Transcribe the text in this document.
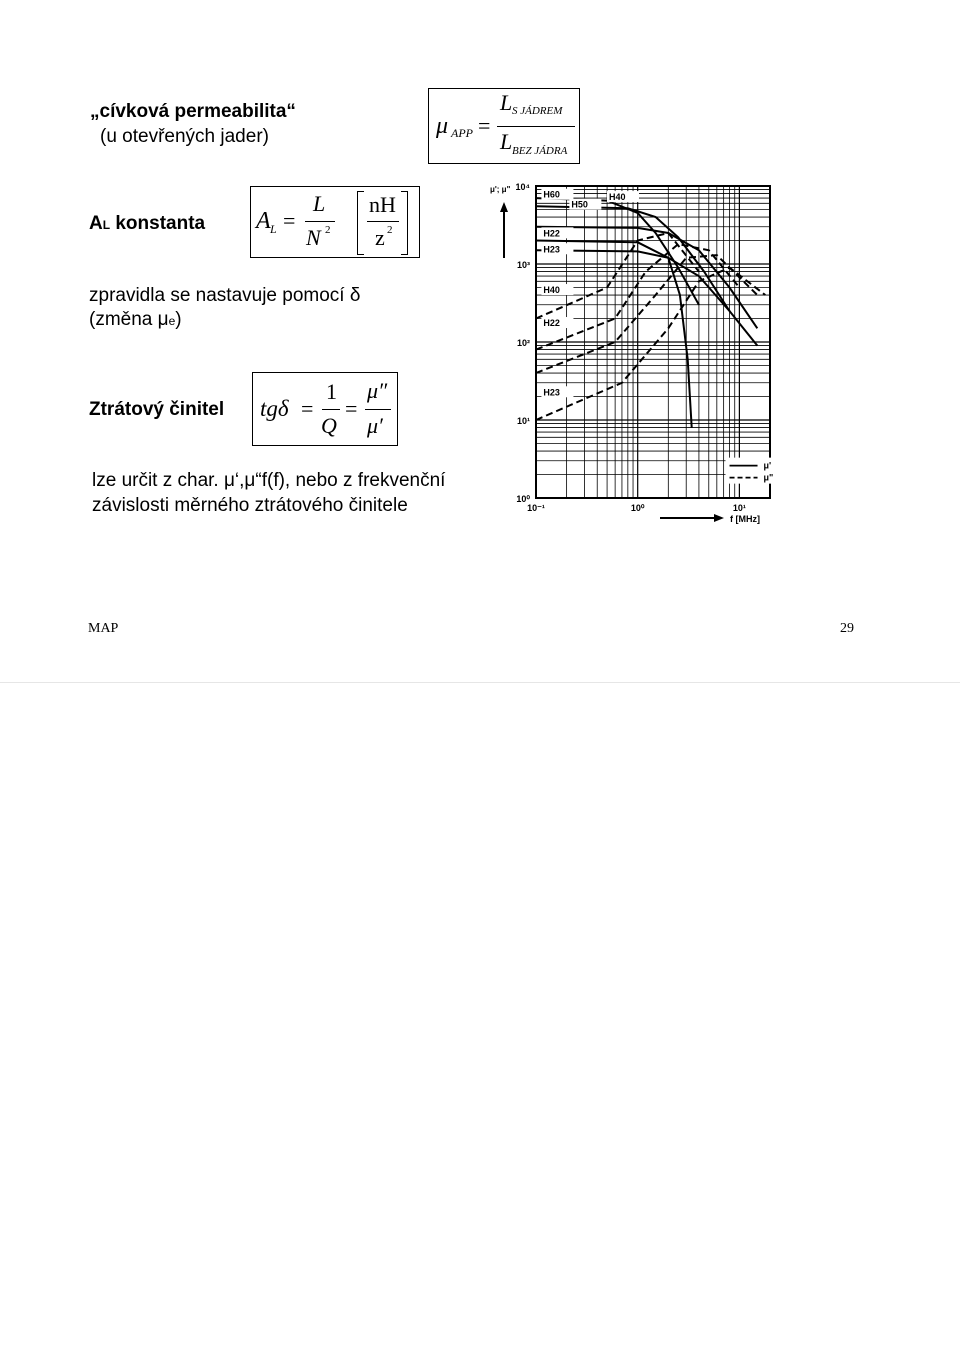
„cívková permeabilita“
(u otevřených jader)	μ APP =
L S JÁDREM
L BEZ JÁDRA
AL konstanta A L =
L
N 2
nH
z 2
zpravidla se nastavuje pomocí δ
(změna μe)
Ztrátový činitel tgδ =
1
Q
=
μ″
μ′
lze určit z char. μ‘,μ“f(f), nebo z frekvenční
závislosti měrného ztrátového činitele	10⁰
10¹
10²
10³
10⁴
10⁻¹	10⁰	10¹
μ'; μ"
f [MHz]
H60
H50
H40
H22
H23
H40
H22
H23
μ'
μ"
MAP	29
